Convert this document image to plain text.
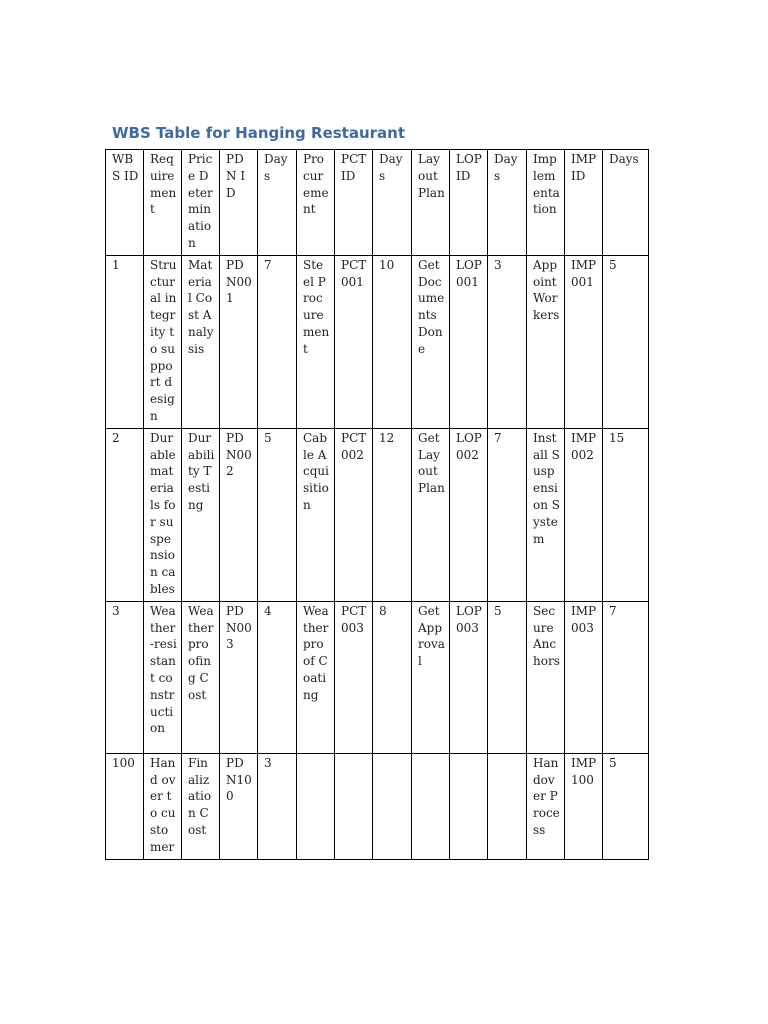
WBS Table for Hanging Restaurant
WBS ID	Requirement	Price Determination	PDN ID	Days	Procurement	PCT ID	Days	Layout Plan	LOP ID	Days	Implementation	IMP ID	Days
1	Structural integrity to support design	Material Cost Analysis	PDN001	7	Steel Procurement	PCT001	10	Get Documents Done	LOP001	3	Appoint Workers	IMP001	5
2	Durable materials for suspension cables	Durability Testing	PDN002	5	Cable Acquisition	PCT002	12	Get Layout Plan	LOP002	7	Install Suspension System	IMP002	15
3	Weather-resistant construction	Weatherproofing Cost	PDN003	4	Weatherproof Coating	PCT003	8	Get Approval	LOP003	5	Secure Anchors	IMP003	7
100	Hand over to customer	Finalization Cost	PDN100	3							Handover Process	IMP100	5
